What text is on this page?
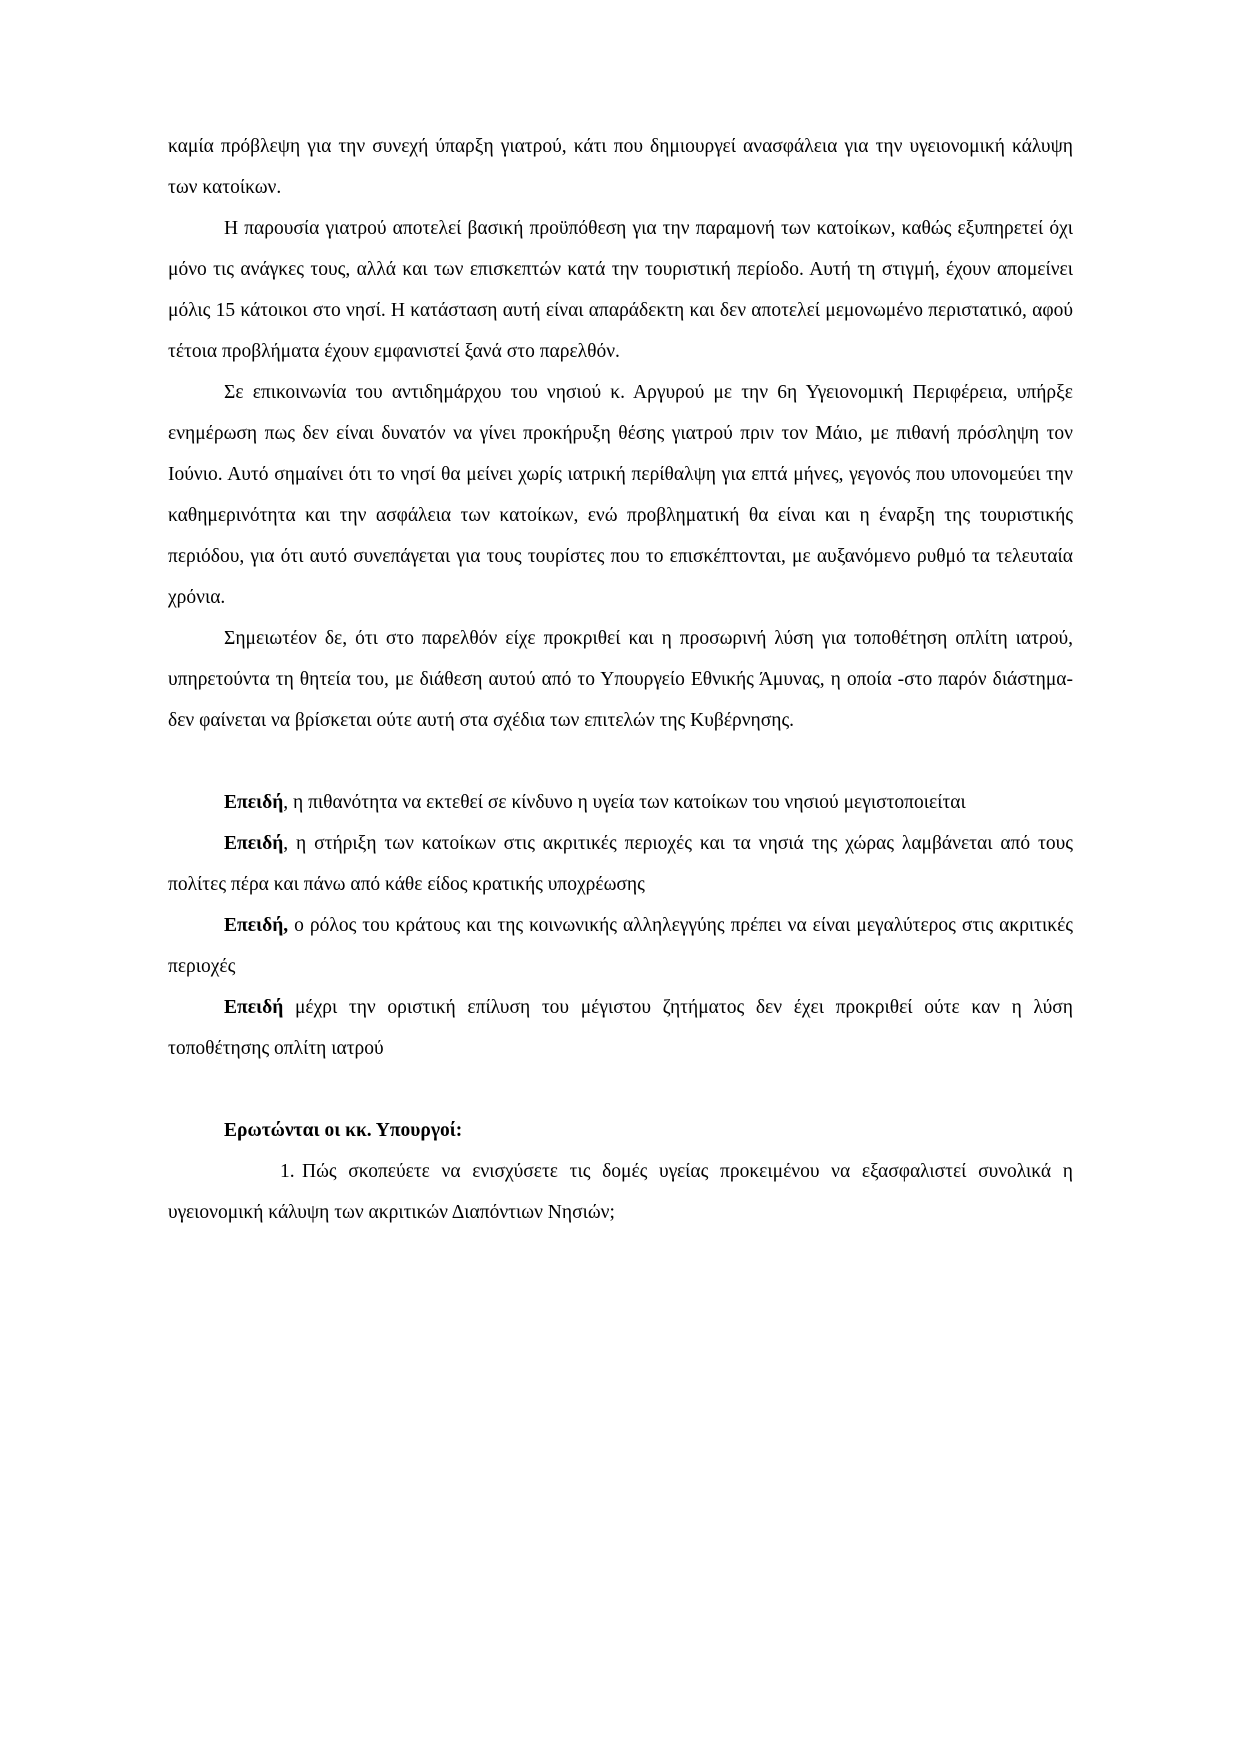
καμία πρόβλεψη για την συνεχή ύπαρξη γιατρού, κάτι που δημιουργεί ανασφάλεια για την υγειονομική κάλυψη των κατοίκων.

Η παρουσία γιατρού αποτελεί βασική προϋπόθεση για την παραμονή των κατοίκων, καθώς εξυπηρετεί όχι μόνο τις ανάγκες τους, αλλά και των επισκεπτών κατά την τουριστική περίοδο. Αυτή τη στιγμή, έχουν απομείνει μόλις 15 κάτοικοι στο νησί. Η κατάσταση αυτή είναι απαράδεκτη και δεν αποτελεί μεμονωμένο περιστατικό, αφού τέτοια προβλήματα έχουν εμφανιστεί ξανά στο παρελθόν.

Σε επικοινωνία του αντιδημάρχου του νησιού κ. Αργυρού με την 6η Υγειονομική Περιφέρεια, υπήρξε ενημέρωση πως δεν είναι δυνατόν να γίνει προκήρυξη θέσης γιατρού πριν τον Μάιο, με πιθανή πρόσληψη τον Ιούνιο. Αυτό σημαίνει ότι το νησί θα μείνει χωρίς ιατρική περίθαλψη για επτά μήνες, γεγονός που υπονομεύει την καθημερινότητα και την ασφάλεια των κατοίκων, ενώ προβληματική θα είναι και η έναρξη της τουριστικής περιόδου, για ότι αυτό συνεπάγεται για τους τουρίστες που το επισκέπτονται, με αυξανόμενο ρυθμό τα τελευταία χρόνια.

Σημειωτέον δε, ότι στο παρελθόν είχε προκριθεί και η προσωρινή λύση για τοποθέτηση οπλίτη ιατρού, υπηρετούντα τη θητεία του, με διάθεση αυτού από το Υπουργείο Εθνικής Άμυνας, η οποία -στο παρόν διάστημα- δεν φαίνεται να βρίσκεται ούτε αυτή στα σχέδια των επιτελών της Κυβέρνησης.

Επειδή, η πιθανότητα να εκτεθεί σε κίνδυνο η υγεία των κατοίκων του νησιού μεγιστοποιείται

Επειδή, η στήριξη των κατοίκων στις ακριτικές περιοχές και τα νησιά της χώρας λαμβάνεται από τους πολίτες πέρα και πάνω από κάθε είδος κρατικής υποχρέωσης

Επειδή, ο ρόλος του κράτους και της κοινωνικής αλληλεγγύης πρέπει να είναι μεγαλύτερος στις ακριτικές περιοχές

Επειδή μέχρι την οριστική επίλυση του μέγιστου ζητήματος δεν έχει προκριθεί ούτε καν η λύση τοποθέτησης οπλίτη ιατρού

Ερωτώνται οι κκ. Υπουργοί:

1. Πώς σκοπεύετε να ενισχύσετε τις δομές υγείας προκειμένου να εξασφαλιστεί συνολικά η υγειονομική κάλυψη των ακριτικών Διαπόντιων Νησιών;
